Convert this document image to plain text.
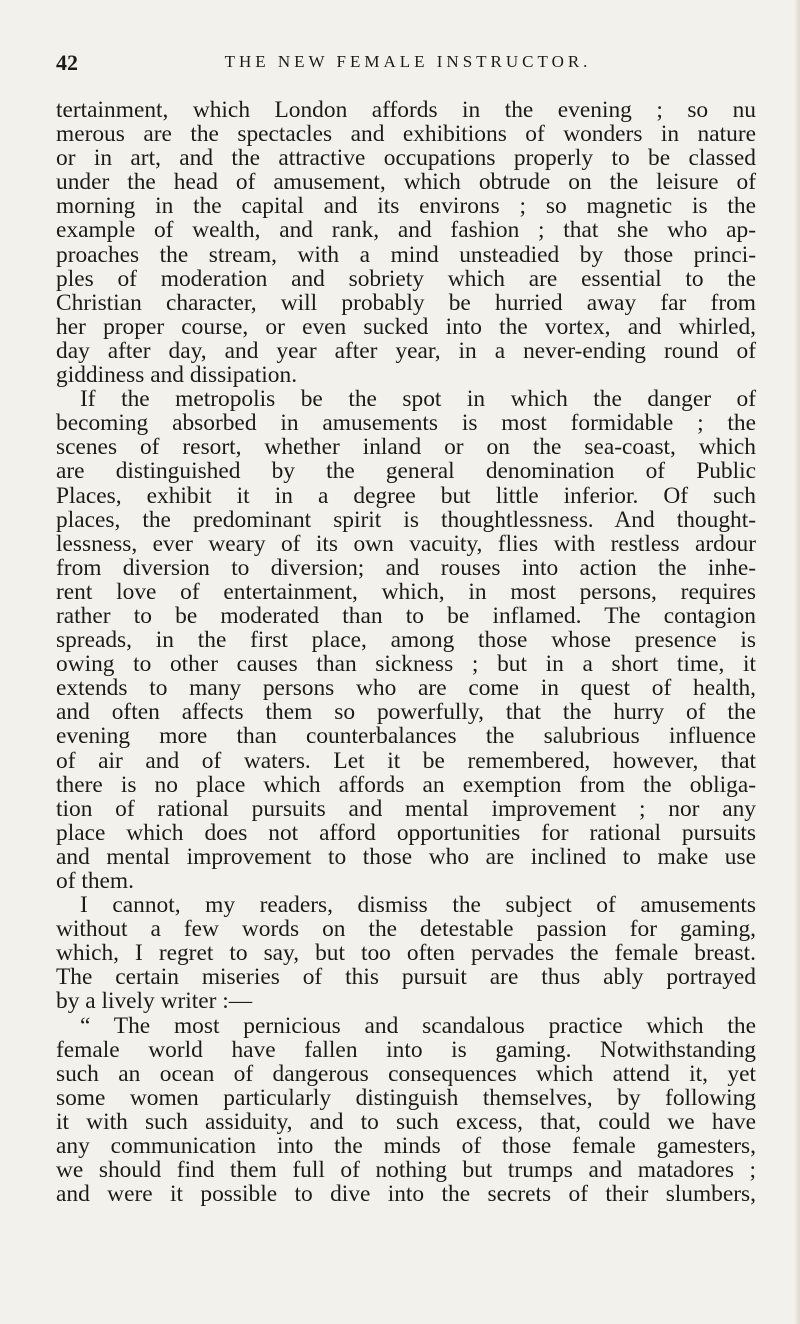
42	THE NEW FEMALE INSTRUCTOR.
tertainment, which London affords in the evening ; so nu
merous are the spectacles and exhibitions of wonders in nature
or in art, and the attractive occupations properly to be classed
under the head of amusement, which obtrude on the leisure of
morning in the capital and its environs ; so magnetic is the
example of wealth, and rank, and fashion ; that she who ap-
proaches the stream, with a mind unsteadied by those princi-
ples of moderation and sobriety which are essential to the
Christian character, will probably be hurried away far from
her proper course, or even sucked into the vortex, and whirled,
day after day, and year after year, in a never-ending round of
giddiness and dissipation.
If the metropolis be the spot in which the danger of
becoming absorbed in amusements is most formidable ; the
scenes of resort, whether inland or on the sea-coast, which
are distinguished by the general denomination of Public
Places, exhibit it in a degree but little inferior. Of such
places, the predominant spirit is thoughtlessness. And thought-
lessness, ever weary of its own vacuity, flies with restless ardour
from diversion to diversion; and rouses into action the inhe-
rent love of entertainment, which, in most persons, requires
rather to be moderated than to be inflamed. The contagion
spreads, in the first place, among those whose presence is
owing to other causes than sickness ; but in a short time, it
extends to many persons who are come in quest of health,
and often affects them so powerfully, that the hurry of the
evening more than counterbalances the salubrious influence
of air and of waters. Let it be remembered, however, that
there is no place which affords an exemption from the obliga-
tion of rational pursuits and mental improvement ; nor any
place which does not afford opportunities for rational pursuits
and mental improvement to those who are inclined to make use
of them.
I cannot, my readers, dismiss the subject of amusements
without a few words on the detestable passion for gaming,
which, I regret to say, but too often pervades the female breast.
The certain miseries of this pursuit are thus ably portrayed
by a lively writer :—
“ The most pernicious and scandalous practice which the
female world have fallen into is gaming. Notwithstanding
such an ocean of dangerous consequences which attend it, yet
some women particularly distinguish themselves, by following
it with such assiduity, and to such excess, that, could we have
any communication into the minds of those female gamesters,
we should find them full of nothing but trumps and matadores ;
and were it possible to dive into the secrets of their slumbers,
